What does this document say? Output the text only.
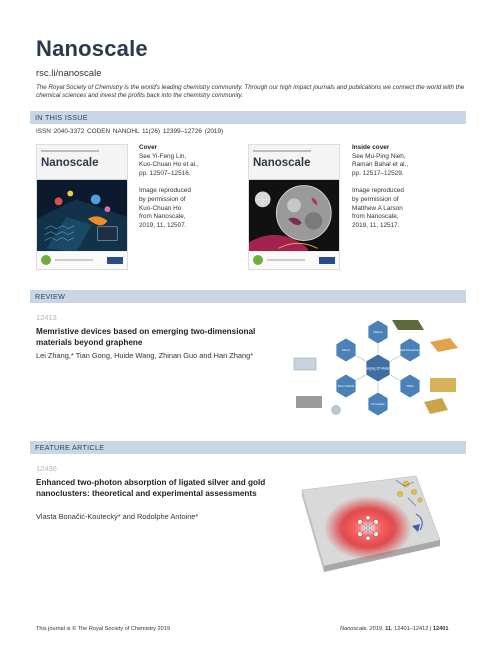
Nanoscale
rsc.li/nanoscale
The Royal Society of Chemistry is the world's leading chemistry community. Through our high impact journals and publications we connect the world with the chemical sciences and invest the profits back into the chemistry community.
IN THIS ISSUE
ISSN 2040-3372 CODEN NANOHL 11(26) 12399–12726 (2019)
Nanoscale
Cover
See Yi-Feng Lin,
Kuo-Chuan Ho et al.,
pp. 12507–12516.
Image reproduced
by permission of
Kuo-Chuan Ho
from Nanoscale,
2019, 11, 12507.
Nanoscale
Inside cover
See Mu-Ping Nieh,
Raman Bahal et al.,
pp. 12517–12529.
Image reproduced
by permission of
Matthew A Larson
from Nanoscale,
2019, 11, 12517.
REVIEW
12413
Memristive devices based on emerging two-dimensional materials beyond graphene
Lei Zhang,* Tian Gong, Huide Wang, Zhinan Guo and Han Zhang*
Emerging 2D Materials
MXene
Black Phosphorus
TMDs
Perovskite
Boron Nitride
Others
FEATURE ARTICLE
12436
Enhanced two-photon absorption of ligated silver and gold nanoclusters: theoretical and experimental assessments
Vlasta Bonačić-Koutecký* and Rodolphe Antoine*
This journal is © The Royal Society of Chemistry 2019	Nanoscale, 2019, 11, 12401–12412 | 12401
